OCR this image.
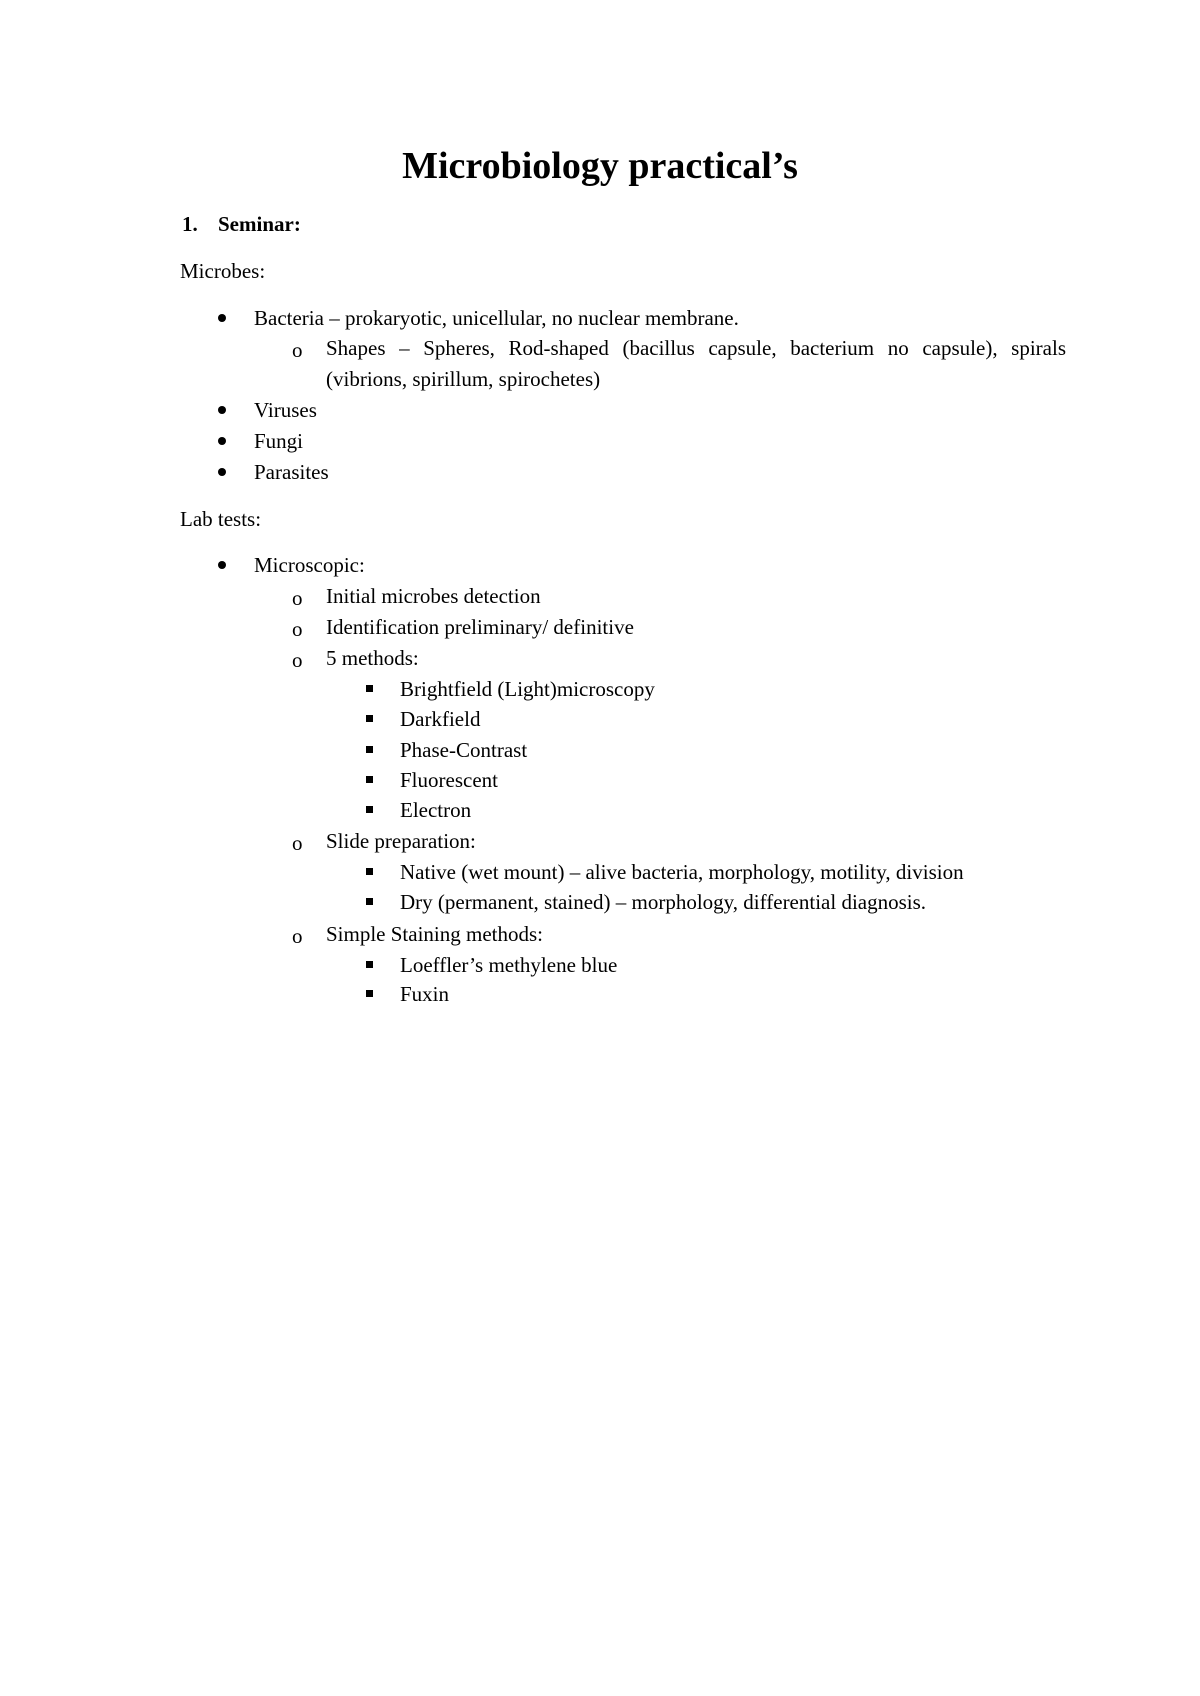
Microbiology practical’s
1. Seminar:
Microbes:
Bacteria – prokaryotic, unicellular, no nuclear membrane.
o Shapes – Spheres, Rod-shaped (bacillus capsule, bacterium no capsule), spirals (vibrions, spirillum, spirochetes)
Viruses
Fungi
Parasites
Lab tests:
Microscopic:
o Initial microbes detection
o Identification preliminary/ definitive
o 5 methods:
Brightfield (Light)microscopy
Darkfield
Phase-Contrast
Fluorescent
Electron
o Slide preparation:
Native (wet mount) – alive bacteria, morphology, motility, division
Dry (permanent, stained) – morphology, differential diagnosis.
o Simple Staining methods:
Loeffler’s methylene blue
Fuxin
